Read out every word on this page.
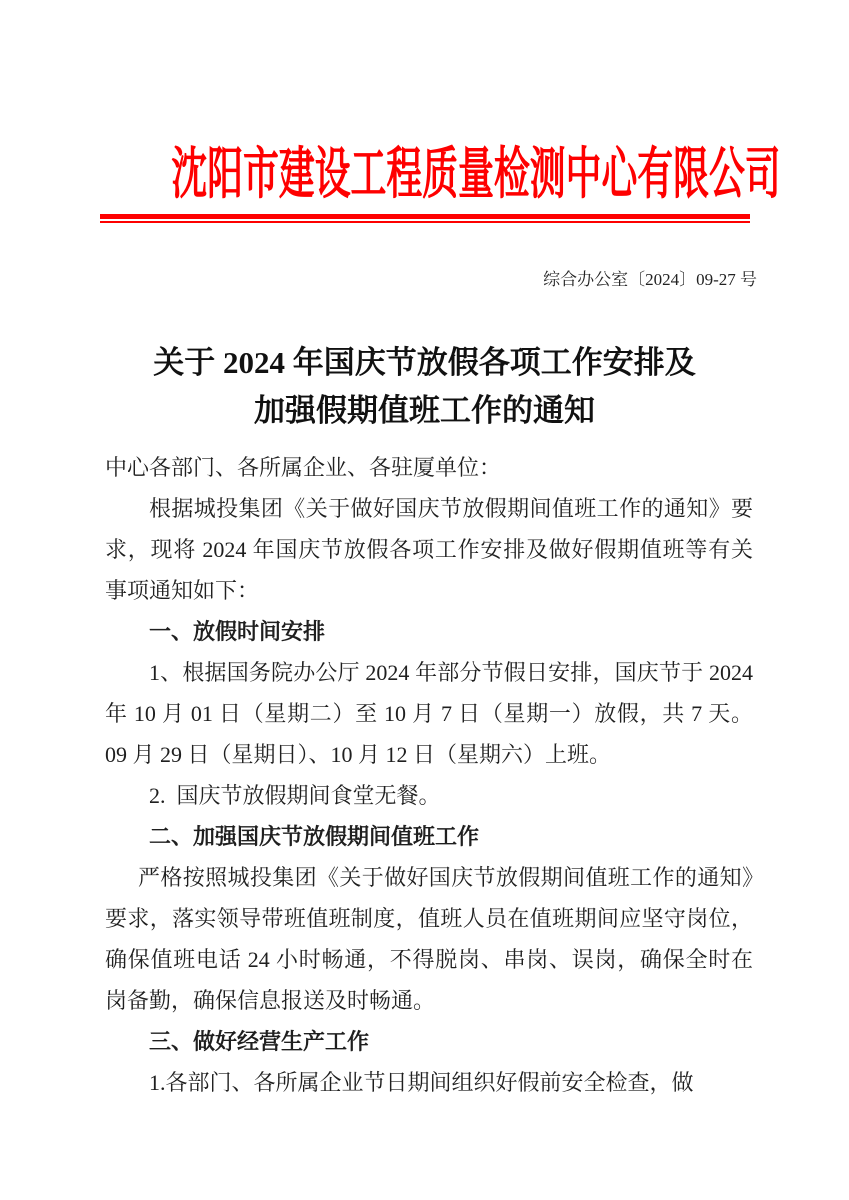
沈阳市建设工程质量检测中心有限公司
综合办公室〔2024〕09-27 号
关于 2024 年国庆节放假各项工作安排及
加强假期值班工作的通知

中心各部门、各所属企业、各驻厦单位：

根据城投集团《关于做好国庆节放假期间值班工作的通知》要求，现将 2024 年国庆节放假各项工作安排及做好假期值班等有关事项通知如下：

一、放假时间安排

1、根据国务院办公厅 2024 年部分节假日安排，国庆节于 2024 年 10 月 01 日（星期二）至 10 月 7 日（星期一）放假，共 7 天。09 月 29 日（星期日）、10 月 12 日（星期六）上班。

2.  国庆节放假期间食堂无餐。

二、加强国庆节放假期间值班工作

严格按照城投集团《关于做好国庆节放假期间值班工作的通知》要求，落实领导带班值班制度，值班人员在值班期间应坚守岗位，确保值班电话 24 小时畅通，不得脱岗、串岗、误岗，确保全时在岗备勤，确保信息报送及时畅通。

三、做好经营生产工作

1.各部门、各所属企业节日期间组织好假前安全检查，做
